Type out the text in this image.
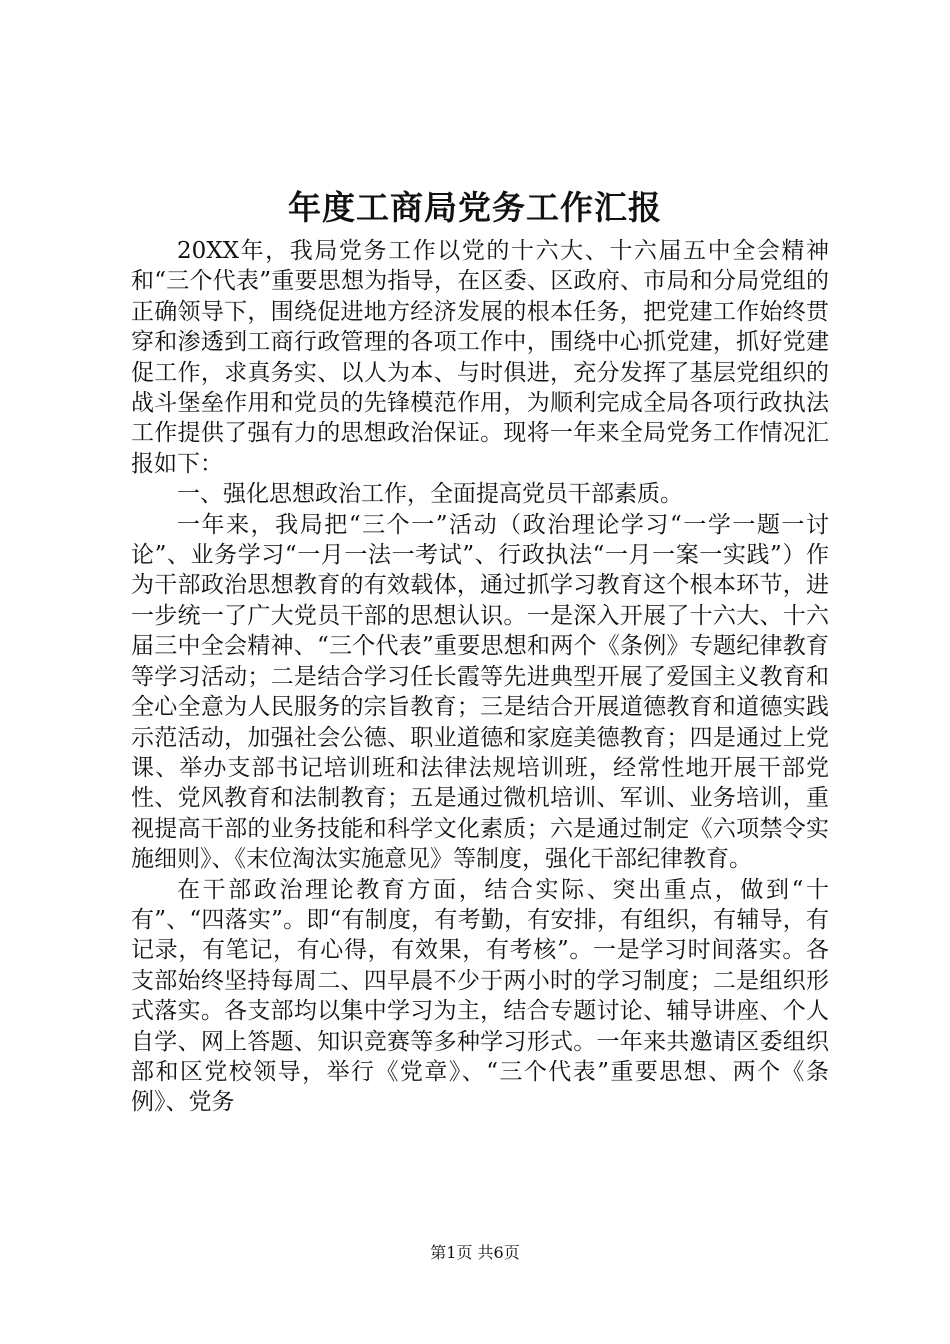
年度工商局党务工作汇报

20XX年，我局党务工作以党的十六大、十六届五中全会精神和“三个代表”重要思想为指导，在区委、区政府、市局和分局党组的正确领导下，围绕促进地方经济发展的根本任务，把党建工作始终贯穿和渗透到工商行政管理的各项工作中，围绕中心抓党建，抓好党建促工作，求真务实、以人为本、与时俱进，充分发挥了基层党组织的战斗堡垒作用和党员的先锋模范作用，为顺利完成全局各项行政执法工作提供了强有力的思想政治保证。现将一年来全局党务工作情况汇报如下：

一、强化思想政治工作，全面提高党员干部素质。

一年来，我局把“三个一”活动（政治理论学习“一学一题一讨论”、业务学习“一月一法一考试”、行政执法“一月一案一实践”）作为干部政治思想教育的有效载体，通过抓学习教育这个根本环节，进一步统一了广大党员干部的思想认识。一是深入开展了十六大、十六届三中全会精神、“三个代表”重要思想和两个《条例》专题纪律教育等学习活动；二是结合学习任长霞等先进典型开展了爱国主义教育和全心全意为人民服务的宗旨教育；三是结合开展道德教育和道德实践示范活动，加强社会公德、职业道德和家庭美德教育；四是通过上党课、举办支部书记培训班和法律法规培训班，经常性地开展干部党性、党风教育和法制教育；五是通过微机培训、军训、业务培训，重视提高干部的业务技能和科学文化素质；六是通过制定《六项禁令实施细则》、《末位淘汰实施意见》等制度，强化干部纪律教育。

在干部政治理论教育方面，结合实际、突出重点，做到“十有”、“四落实”。即“有制度，有考勤，有安排，有组织，有辅导，有记录，有笔记，有心得，有效果，有考核”。一是学习时间落实。各支部始终坚持每周二、四早晨不少于两小时的学习制度；二是组织形式落实。各支部均以集中学习为主，结合专题讨论、辅导讲座、个人自学、网上答题、知识竞赛等多种学习形式。一年来共邀请区委组织部和区党校领导，举行《党章》、“三个代表”重要思想、两个《条例》、党务

第1页 共6页
